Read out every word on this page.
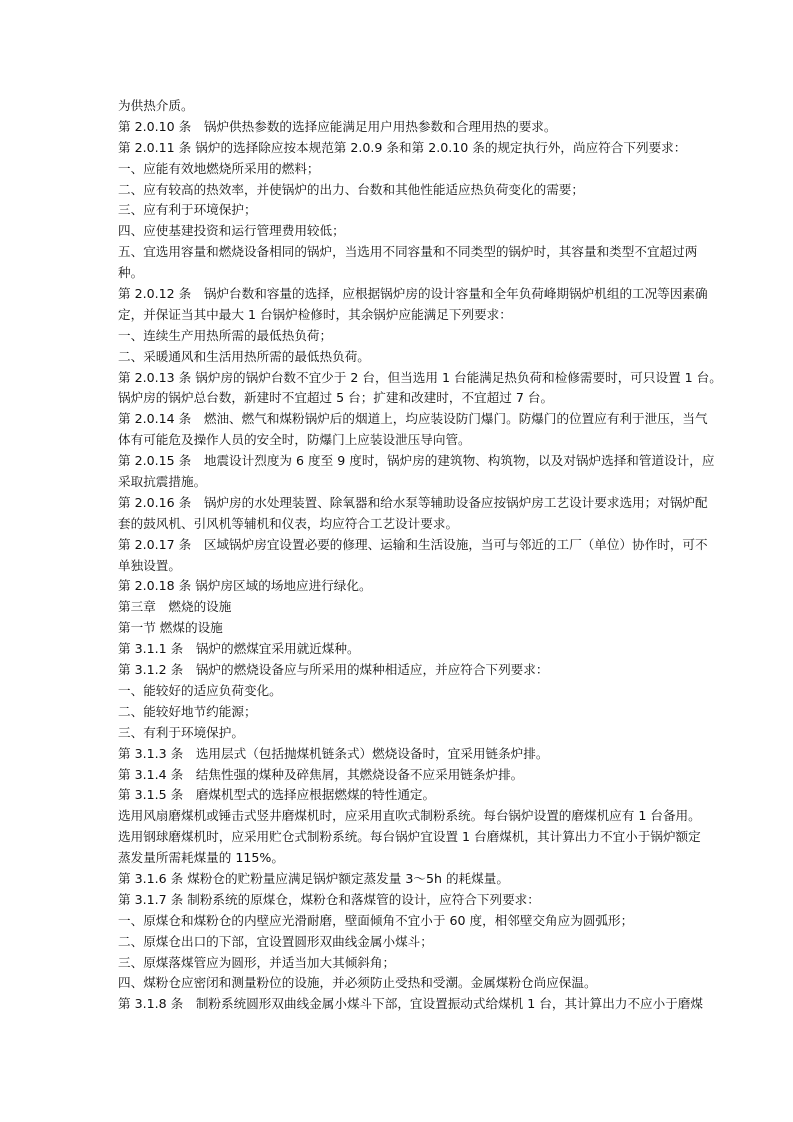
为供热介质。
第 2.0.10 条　锅炉供热参数的选择应能满足用户用热参数和合理用热的要求。
第 2.0.11 条 锅炉的选择除应按本规范第 2.0.9 条和第 2.0.10 条的规定执行外，尚应符合下列要求：
一、应能有效地燃烧所采用的燃料；
二、应有较高的热效率，并使锅炉的出力、台数和其他性能适应热负荷变化的需要；
三、应有利于环境保护；
四、应使基建投资和运行管理费用较低；
五、宜选用容量和燃烧设备相同的锅炉，当选用不同容量和不同类型的锅炉时，其容量和类型不宜超过两
种。
第 2.0.12 条　锅炉台数和容量的选择，应根据锅炉房的设计容量和全年负荷峰期锅炉机组的工况等因素确
定，并保证当其中最大 1 台锅炉检修时，其余锅炉应能满足下列要求：
一、连续生产用热所需的最低热负荷；
二、采暖通风和生活用热所需的最低热负荷。
第 2.0.13 条 锅炉房的锅炉台数不宜少于 2 台，但当选用 1 台能满足热负荷和检修需要时，可只设置 1 台。
锅炉房的锅炉总台数，新建时不宜超过 5 台；扩建和改建时，不宜超过 7 台。
第 2.0.14 条　燃油、燃气和煤粉锅炉后的烟道上，均应装设防门爆门。防爆门的位置应有利于泄压，当气
体有可能危及操作人员的安全时，防爆门上应装设泄压导向管。
第 2.0.15 条　地震设计烈度为 6 度至 9 度时，锅炉房的建筑物、构筑物，以及对锅炉选择和管道设计，应
采取抗震措施。
第 2.0.16 条　锅炉房的水处理装置、除氧器和给水泵等辅助设备应按锅炉房工艺设计要求选用；对锅炉配
套的鼓风机、引风机等辅机和仪表，均应符合工艺设计要求。
第 2.0.17 条　区域锅炉房宜设置必要的修理、运输和生活设施，当可与邻近的工厂（单位）协作时，可不
单独设置。
第 2.0.18 条 锅炉房区域的场地应进行绿化。
第三章　燃烧的设施
第一节 燃煤的设施
第 3.1.1 条　锅炉的燃煤宜采用就近煤种。
第 3.1.2 条　锅炉的燃烧设备应与所采用的煤种相适应，并应符合下列要求：
一、能较好的适应负荷变化。
二、能较好地节约能源；
三、有利于环境保护。
第 3.1.3 条　选用层式（包括抛煤机链条式）燃烧设备时，宜采用链条炉排。
第 3.1.4 条　结焦性强的煤种及碎焦屑，其燃烧设备不应采用链条炉排。
第 3.1.5 条　磨煤机型式的选择应根据燃煤的特性通定。
选用风扇磨煤机或锤击式竖井磨煤机时，应采用直吹式制粉系统。每台锅炉设置的磨煤机应有 1 台备用。
选用钢球磨煤机时，应采用贮仓式制粉系统。每台锅炉宜设置 1 台磨煤机，其计算出力不宜小于锅炉额定
蒸发量所需耗煤量的 115%。
第 3.1.6 条 煤粉仓的贮粉量应满足锅炉额定蒸发量 3～5h 的耗煤量。
第 3.1.7 条 制粉系统的原煤仓，煤粉仓和落煤管的设计，应符合下列要求：
一、原煤仓和煤粉仓的内壁应光滑耐磨，壁面倾角不宜小于 60 度，相邻壁交角应为圆弧形；
二、原煤仓出口的下部，宜设置圆形双曲线金属小煤斗；
三、原煤落煤管应为圆形，并适当加大其倾斜角；
四、煤粉仓应密闭和测量粉位的设施，并必须防止受热和受潮。金属煤粉仓尚应保温。
第 3.1.8 条　制粉系统圆形双曲线金属小煤斗下部，宜设置振动式给煤机 1 台，其计算出力不应小于磨煤
